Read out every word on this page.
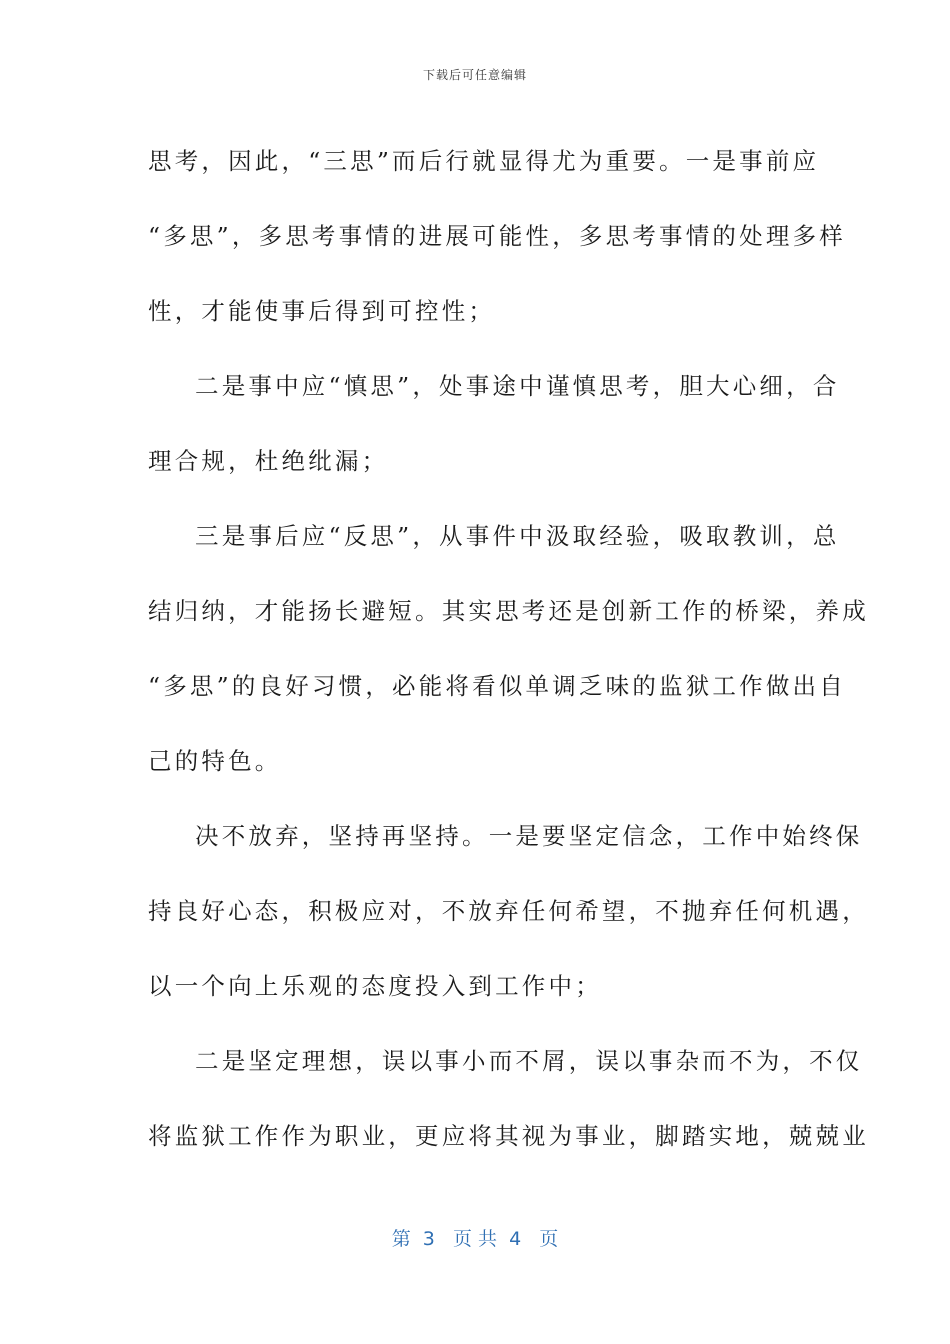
下载后可任意编辑

思考，因此，“三思”而后行就显得尤为重要。一是事前应
“多思”，多思考事情的进展可能性，多思考事情的处理多样
性，才能使事后得到可控性；

二是事中应“慎思”，处事途中谨慎思考，胆大心细，合
理合规，杜绝纰漏；

三是事后应“反思”，从事件中汲取经验，吸取教训，总
结归纳，才能扬长避短。其实思考还是创新工作的桥梁，养成
“多思”的良好习惯，必能将看似单调乏味的监狱工作做出自
己的特色。

决不放弃，坚持再坚持。一是要坚定信念，工作中始终保
持良好心态，积极应对，不放弃任何希望，不抛弃任何机遇，
以一个向上乐观的态度投入到工作中；

二是坚定理想，误以事小而不屑，误以事杂而不为，不仅
将监狱工作作为职业，更应将其视为事业，脚踏实地，兢兢业

第  3   页 共  4   页
